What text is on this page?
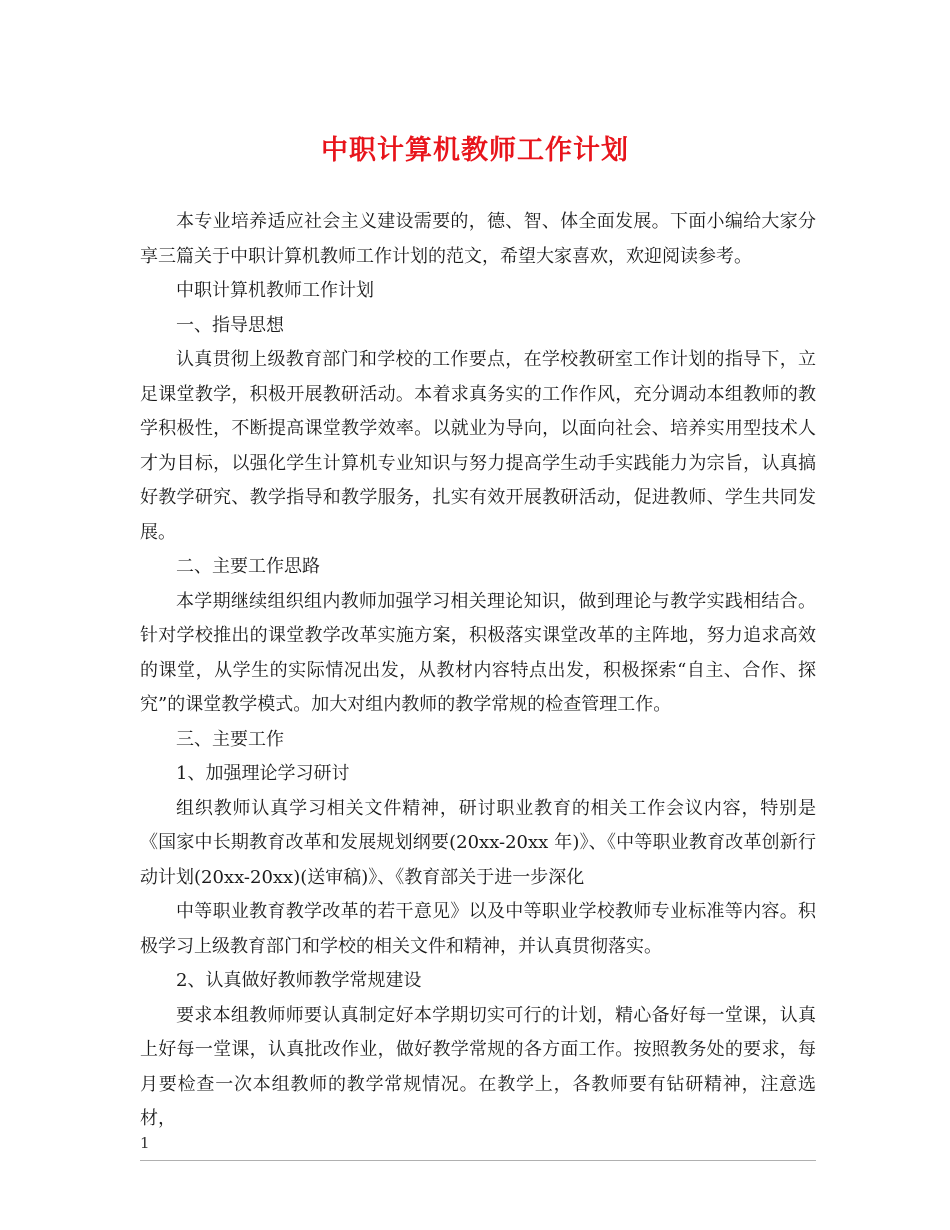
中职计算机教师工作计划

本专业培养适应社会主义建设需要的，德、智、体全面发展。下面小编给大家分享三篇关于中职计算机教师工作计划的范文，希望大家喜欢，欢迎阅读参考。

中职计算机教师工作计划

一、指导思想

认真贯彻上级教育部门和学校的工作要点，在学校教研室工作计划的指导下，立足课堂教学，积极开展教研活动。本着求真务实的工作作风，充分调动本组教师的教学积极性，不断提高课堂教学效率。以就业为导向，以面向社会、培养实用型技术人才为目标，以强化学生计算机专业知识与努力提高学生动手实践能力为宗旨，认真搞好教学研究、教学指导和教学服务，扎实有效开展教研活动，促进教师、学生共同发展。

二、主要工作思路

本学期继续组织组内教师加强学习相关理论知识，做到理论与教学实践相结合。针对学校推出的课堂教学改革实施方案，积极落实课堂改革的主阵地，努力追求高效的课堂，从学生的实际情况出发，从教材内容特点出发，积极探索“自主、合作、探究”的课堂教学模式。加大对组内教师的教学常规的检查管理工作。

三、主要工作

1、加强理论学习研讨

组织教师认真学习相关文件精神，研讨职业教育的相关工作会议内容，特别是《国家中长期教育改革和发展规划纲要(20xx-20xx 年)》、《中等职业教育改革创新行动计划(20xx-20xx)(送审稿)》、《教育部关于进一步深化

中等职业教育教学改革的若干意见》以及中等职业学校教师专业标准等内容。积极学习上级教育部门和学校的相关文件和精神，并认真贯彻落实。

2、认真做好教师教学常规建设

要求本组教师师要认真制定好本学期切实可行的计划，精心备好每一堂课，认真上好每一堂课，认真批改作业，做好教学常规的各方面工作。按照教务处的要求，每月要检查一次本组教师的教学常规情况。在教学上，各教师要有钻研精神，注意选材，

1
